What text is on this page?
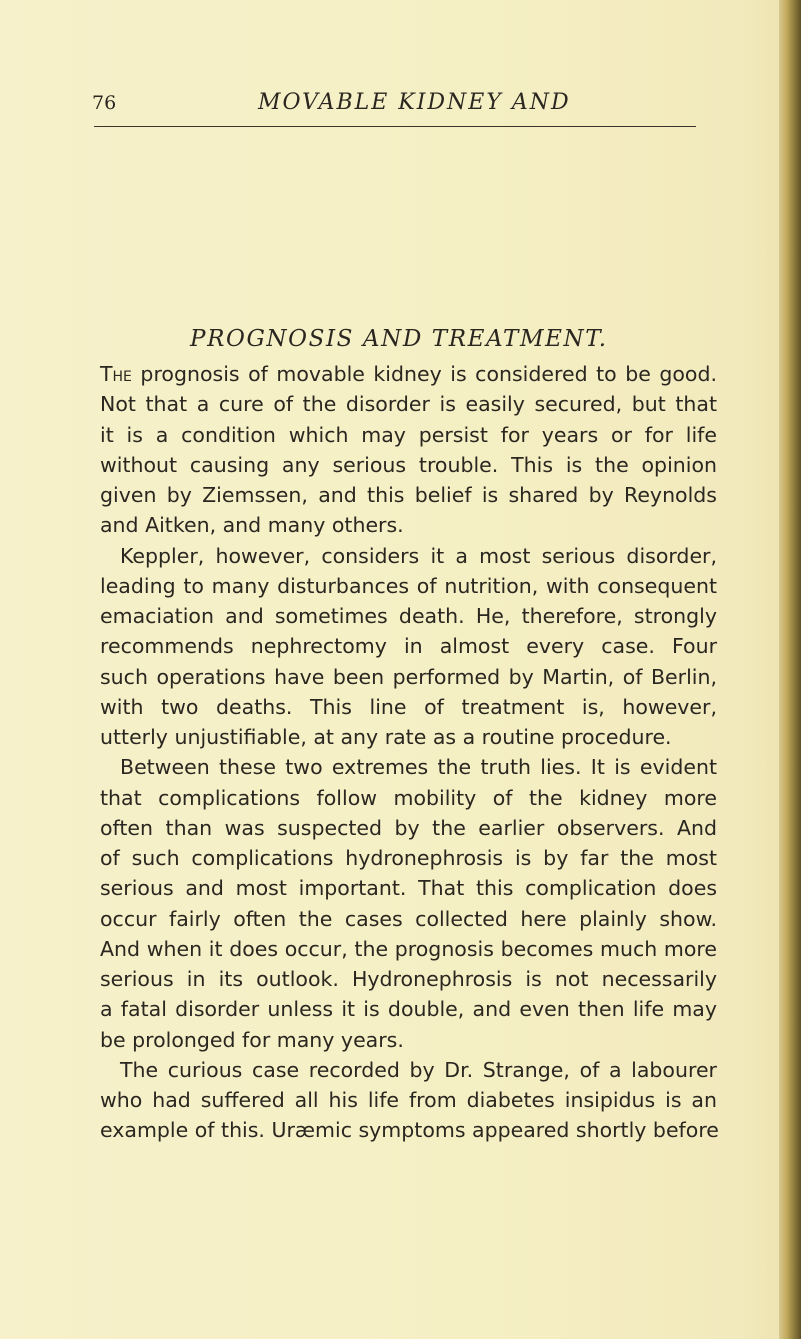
76	MOVABLE KIDNEY AND
PROGNOSIS AND TREATMENT.
The prognosis of movable kidney is considered to be good.
Not that a cure of the disorder is easily secured, but that
it is a condition which may persist for years or for life
without causing any serious trouble. This is the opinion
given by Ziemssen, and this belief is shared by Reynolds
and Aitken, and many others.
Keppler, however, considers it a most serious disorder,
leading to many disturbances of nutrition, with consequent
emaciation and sometimes death. He, therefore, strongly
recommends nephrectomy in almost every case. Four
such operations have been performed by Martin, of Berlin,
with two deaths. This line of treatment is, however,
utterly unjustifiable, at any rate as a routine procedure.
Between these two extremes the truth lies. It is evident
that complications follow mobility of the kidney more
often than was suspected by the earlier observers. And
of such complications hydronephrosis is by far the most
serious and most important. That this complication does
occur fairly often the cases collected here plainly show.
And when it does occur, the prognosis becomes much more
serious in its outlook. Hydronephrosis is not necessarily
a fatal disorder unless it is double, and even then life may
be prolonged for many years.
The curious case recorded by Dr. Strange, of a labourer
who had suffered all his life from diabetes insipidus is an
example of this. Uræmic symptoms appeared shortly before
